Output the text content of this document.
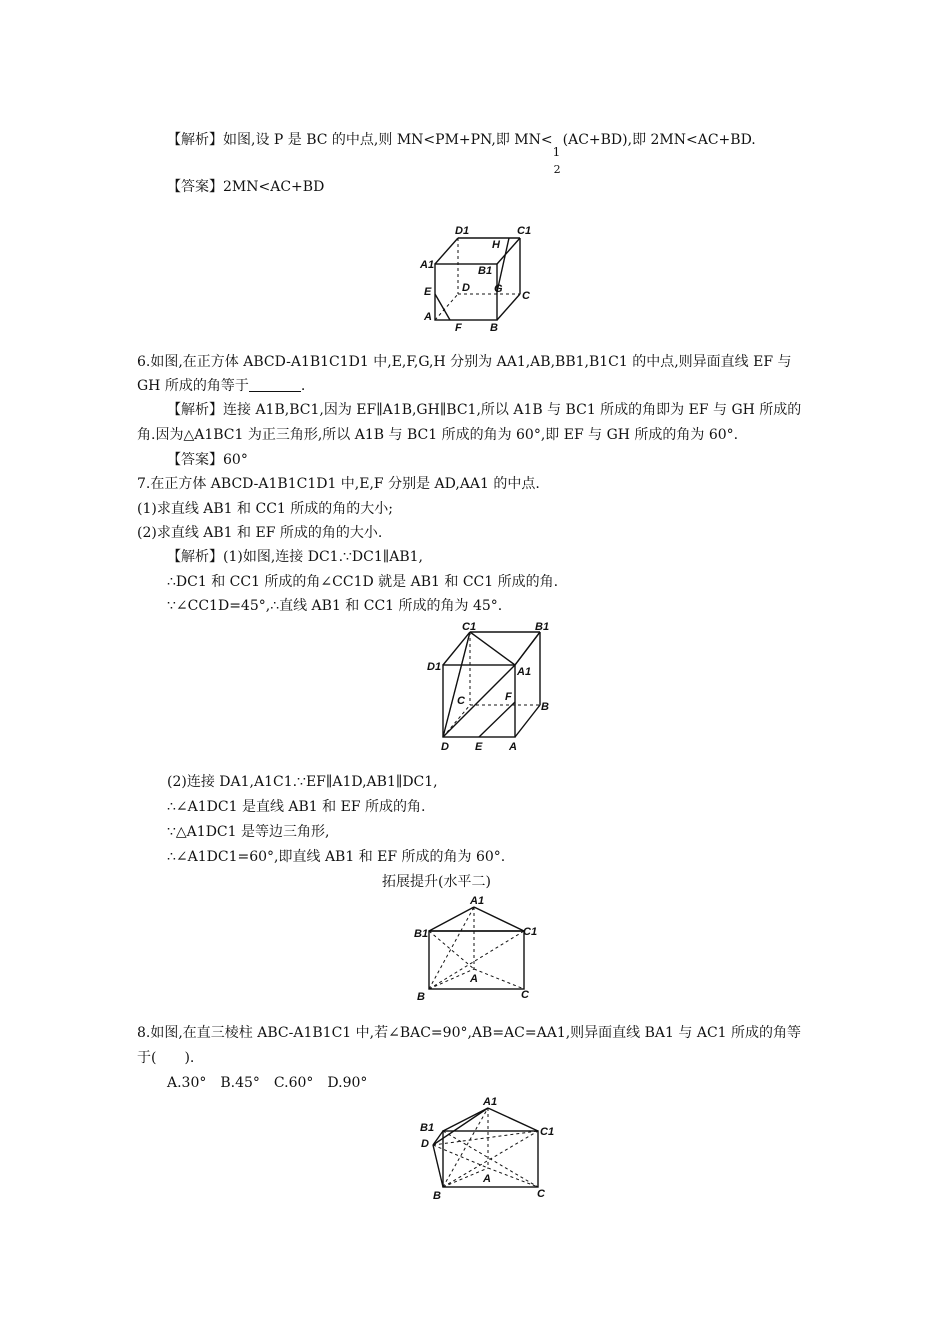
【解析】如图,设 P 是 BC 的中点,则 MN<PM+PN,即 MN<
1
2
(AC+BD),即 2MN<AC+BD.
【答案】2MN<AC+BD
D1	C1
H
A1	B1
E	D G
C
A
F	B
6.如图,在正方体 ABCD-A1B1C1D1 中,E,F,G,H 分别为 AA1,AB,BB1,B1C1 的中点,则异面直线 EF 与
GH 所成的角等于	.
【解析】连接 A1B,BC1,因为 EF∥A1B,GH∥BC1,所以 A1B 与 BC1 所成的角即为 EF 与 GH 所成的
角.因为△A1BC1 为正三角形,所以 A1B 与 BC1 所成的角为 60°,即 EF 与 GH 所成的角为 60°.
【答案】60°
7.在正方体 ABCD-A1B1C1D1 中,E,F 分别是 AD,AA1 的中点.
(1)求直线 AB1 和 CC1 所成的角的大小;
(2)求直线 AB1 和 EF 所成的角的大小.
【解析】(1)如图,连接 DC1.∵DC1∥AB1,
∴DC1 和 CC1 所成的角∠CC1D 就是 AB1 和 CC1 所成的角.
∵∠CC1D=45°,∴直线 AB1 和 CC1 所成的角为 45°.
C1	B1
D1	A1
C	F
B
D E A
(2)连接 DA1,A1C1.∵EF∥A1D,AB1∥DC1,
∴∠A1DC1 是直线 AB1 和 EF 所成的角.
∵△A1DC1 是等边三角形,
∴∠A1DC1=60°,即直线 AB1 和 EF 所成的角为 60°.
拓展提升(水平二)
A1
B1	C1
A
B	C
8.如图,在直三棱柱 ABC-A1B1C1 中,若∠BAC=90°,AB=AC=AA1,则异面直线 BA1 与 AC1 所成的角等
于(　　).
A.30°　B.45°　C.60°　D.90°
A1
B1
D
C1
A
B	C
